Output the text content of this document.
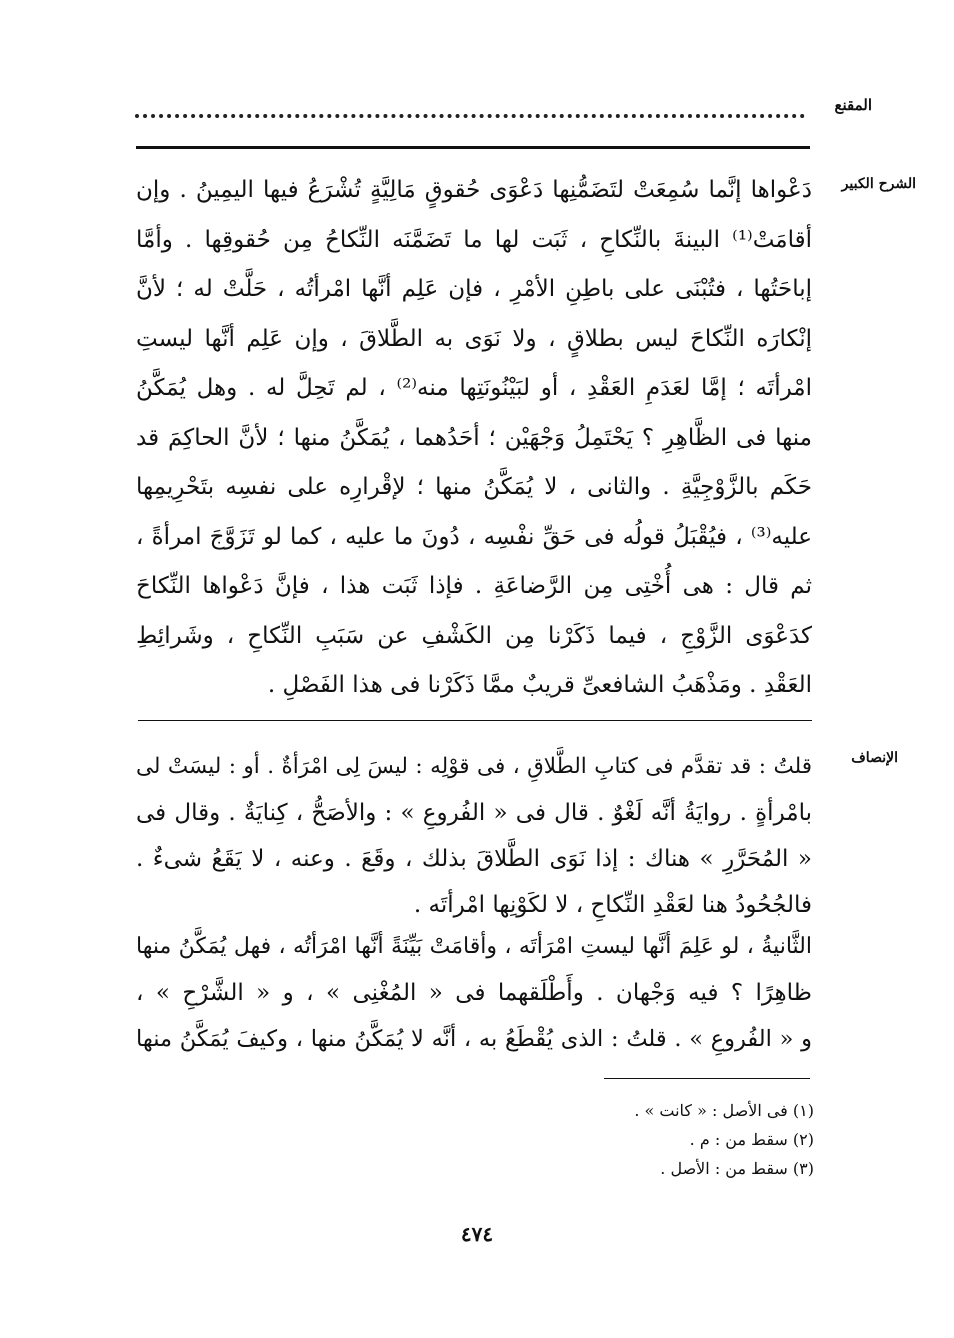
المقنع
الشرح الكبير
الإنصاف
دَعْواها إنَّما سُمِعَتْ لتَضَمُّنِها دَعْوَى حُقوقٍ مَالِيَّةٍ تُشْرَعُ فيها اليمِينُ . وإن
أقامَتْ⁽¹⁾ البينةَ بالنِّكاحِ ، ثَبَت لها ما تَضَمَّنَه النِّكاحُ مِن حُقوقِها . وأمَّا
إباحَتُها ، فتُبْنَى على باطِنِ الأمْرِ ، فإن عَلِم أنَّها امْرأتُه ، حَلَّتْ له ؛ لأنَّ
إنْكارَه النِّكاحَ ليس بطلاقٍ ، ولا نَوَى به الطَّلاقَ ، وإن عَلِم أنَّها ليستِ
امْرأتَه ؛ إمَّا لعَدَمِ العَقْدِ ، أو لبَيْنُونَتِها منه⁽²⁾ ، لم تَحِلَّ له . وهل يُمَكَّنُ
منها فى الظَّاهِرِ ؟ يَحْتَمِلُ وَجْهَيْن ؛ أحَدُهما ، يُمَكَّنُ منها ؛ لأنَّ الحاكِمَ قد
حَكَم بالزَّوْجِيَّةِ . والثانى ، لا يُمَكَّنُ منها ؛ لإقْرارِه على نفسِه بتَحْرِيمِها
عليه⁽³⁾ ، فيُقْبَلُ قولُه فى حَقِّ نفْسِه ، دُونَ ما عليه ، كما لو تَزَوَّجَ امرأةً ،
ثم قال : هى أُخْتِى مِن الرَّضاعَةِ . فإذا ثَبَت هذا ، فإنَّ دَعْواها النِّكاحَ
كدَعْوَى الزَّوْجِ ، فيما ذَكَرْنا مِن الكَشْفِ عن سَبَبِ النِّكاحِ ، وشَرائِطِ
العَقْدِ . ومَذْهَبُ الشافعىِّ قريبٌ ممَّا ذَكَرْنا فى هذا الفَصْلِ .
قلتُ : قد تقدَّم فى كتابِ الطَّلاقِ ، فى قوْلِه : ليسَ لِى امْرَأةٌ . أو : ليسَتْ لى
بامْرأةٍ . روايَةُ أنَّه لَغْوٌ . قال فى « الفُروعِ » : والأصَحُّ ، كِنايَةٌ . وقال فى
« المُحَرَّرِ » هناك : إذا نَوَى الطَّلاقَ بذلك ، وقَعَ . وعنه ، لا يَقَعُ شىءٌ .
فالجُحُودُ هنا لعَقْدِ النِّكاحِ ، لا لكَوْنِها امْرأتَه .
الثَّانيةُ ، لو عَلِمَ أنَّها ليستِ امْرَأتَه ، وأقامَتْ بَيِّنَةً أنَّها امْرَأتُه ، فهل يُمَكَّنُ منها
ظاهِرًا ؟ فيه وَجْهان . وأَطْلَقهما فى « المُغْنِى » ، و « الشَّرْحِ » ،
و « الفُروعِ » . قلتُ : الذى يُقْطَعُ به ، أنَّه لا يُمَكَّنُ منها ، وكيفَ يُمَكَّنُ منها
(١) فى الأصل : « كانت » .
(٢) سقط من : م .
(٣) سقط من : الأصل .
٤٧٤
